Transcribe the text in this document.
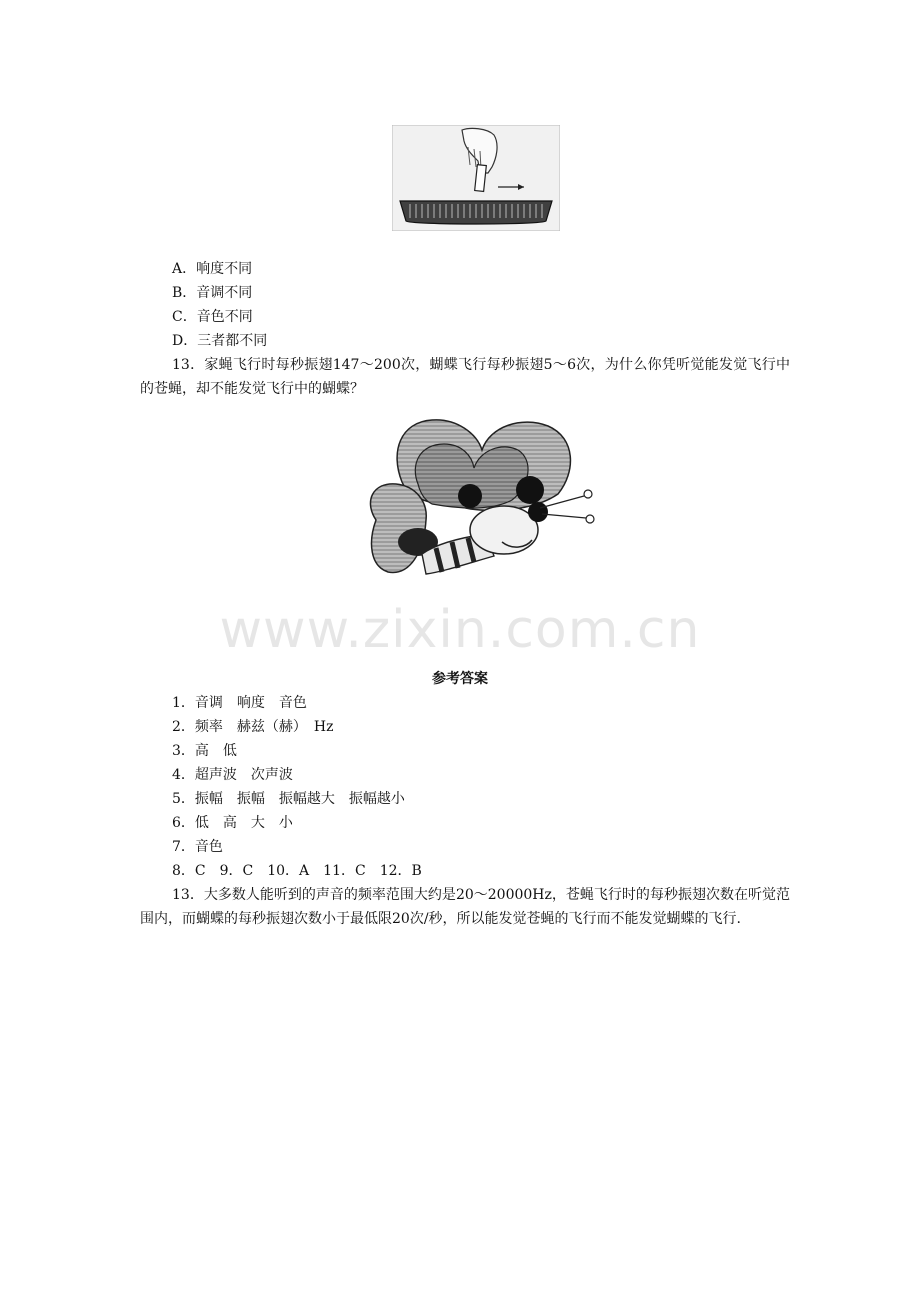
A．响度不同
B．音调不同
C．音色不同
D．三者都不同
13．家蝇飞行时每秒振翅147～200次，蝴蝶飞行每秒振翅5～6次，为什么你凭听觉能发觉飞行中的苍蝇，却不能发觉飞行中的蝴蝶？
www.zixin.com.cn
参考答案
1．音调　响度　音色
2．频率　赫兹（赫）　Hz
3．高　低
4．超声波　次声波
5．振幅　振幅　振幅越大　振幅越小
6．低　高　大　小
7．音色
8．C　9．C　10．A　11．C　12．B
13．大多数人能听到的声音的频率范围大约是20～20000Hz，苍蝇飞行时的每秒振翅次数在听觉范围内，而蝴蝶的每秒振翅次数小于最低限20次/秒，所以能发觉苍蝇的飞行而不能发觉蝴蝶的飞行.
